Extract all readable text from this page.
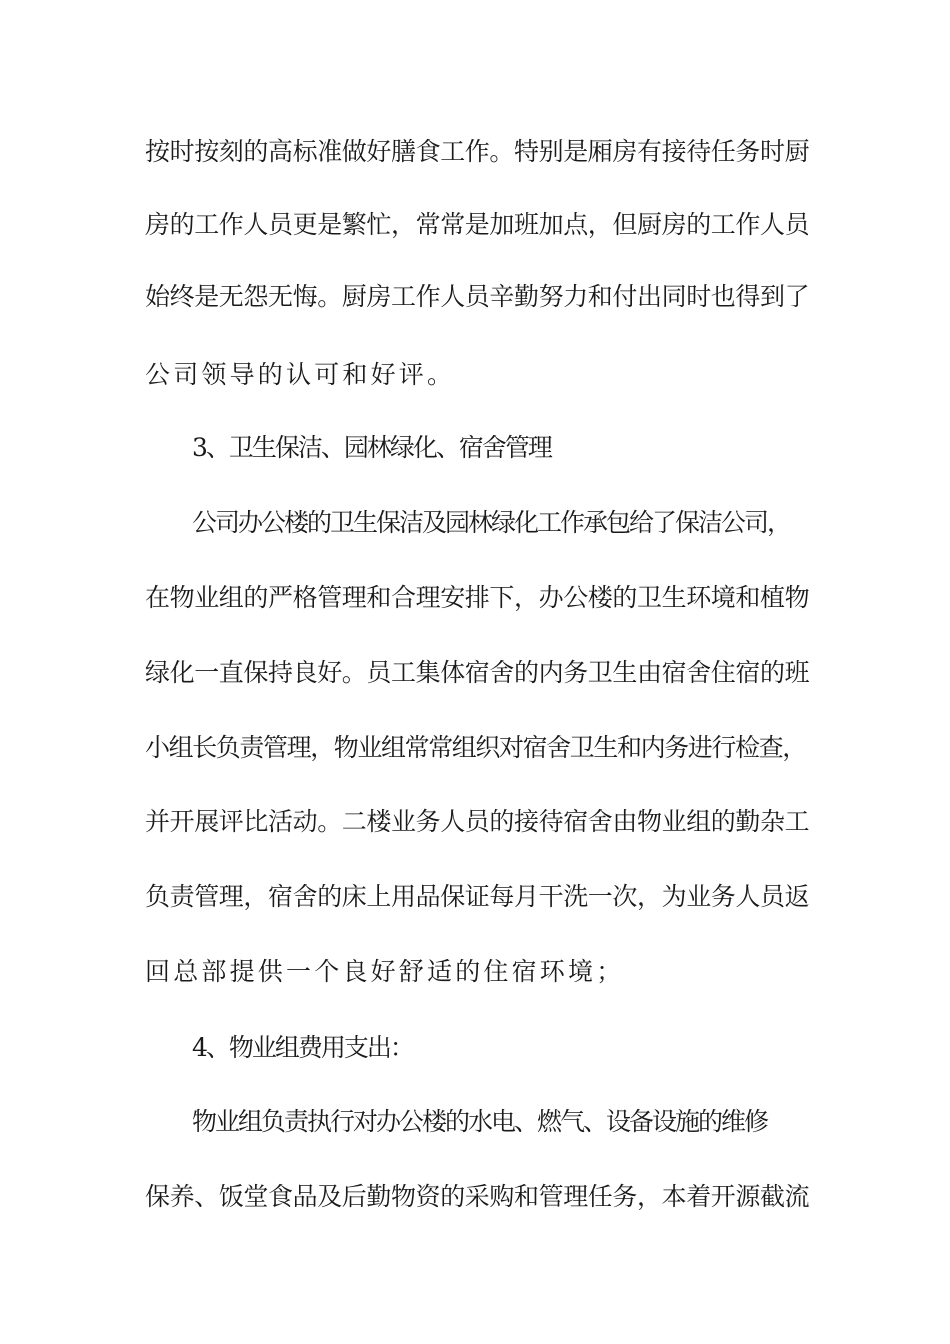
按时按刻的高标准做好膳食工作。特别是厢房有接待任务时厨
房的工作人员更是繁忙，常常是加班加点，但厨房的工作人员
始终是无怨无悔。厨房工作人员辛勤努力和付出同时也得到了
公司领导的认可和好评。
3、卫生保洁、园林绿化、宿舍管理
公司办公楼的卫生保洁及园林绿化工作承包给了保洁公司，
在物业组的严格管理和合理安排下，办公楼的卫生环境和植物
绿化一直保持良好。员工集体宿舍的内务卫生由宿舍住宿的班
小组长负责管理，物业组常常组织对宿舍卫生和内务进行检查，
并开展评比活动。二楼业务人员的接待宿舍由物业组的勤杂工
负责管理，宿舍的床上用品保证每月干洗一次，为业务人员返
回总部提供一个良好舒适的住宿环境；
4、物业组费用支出：
物业组负责执行对办公楼的水电、燃气、设备设施的维修
保养、饭堂食品及后勤物资的采购和管理任务，本着开源截流
